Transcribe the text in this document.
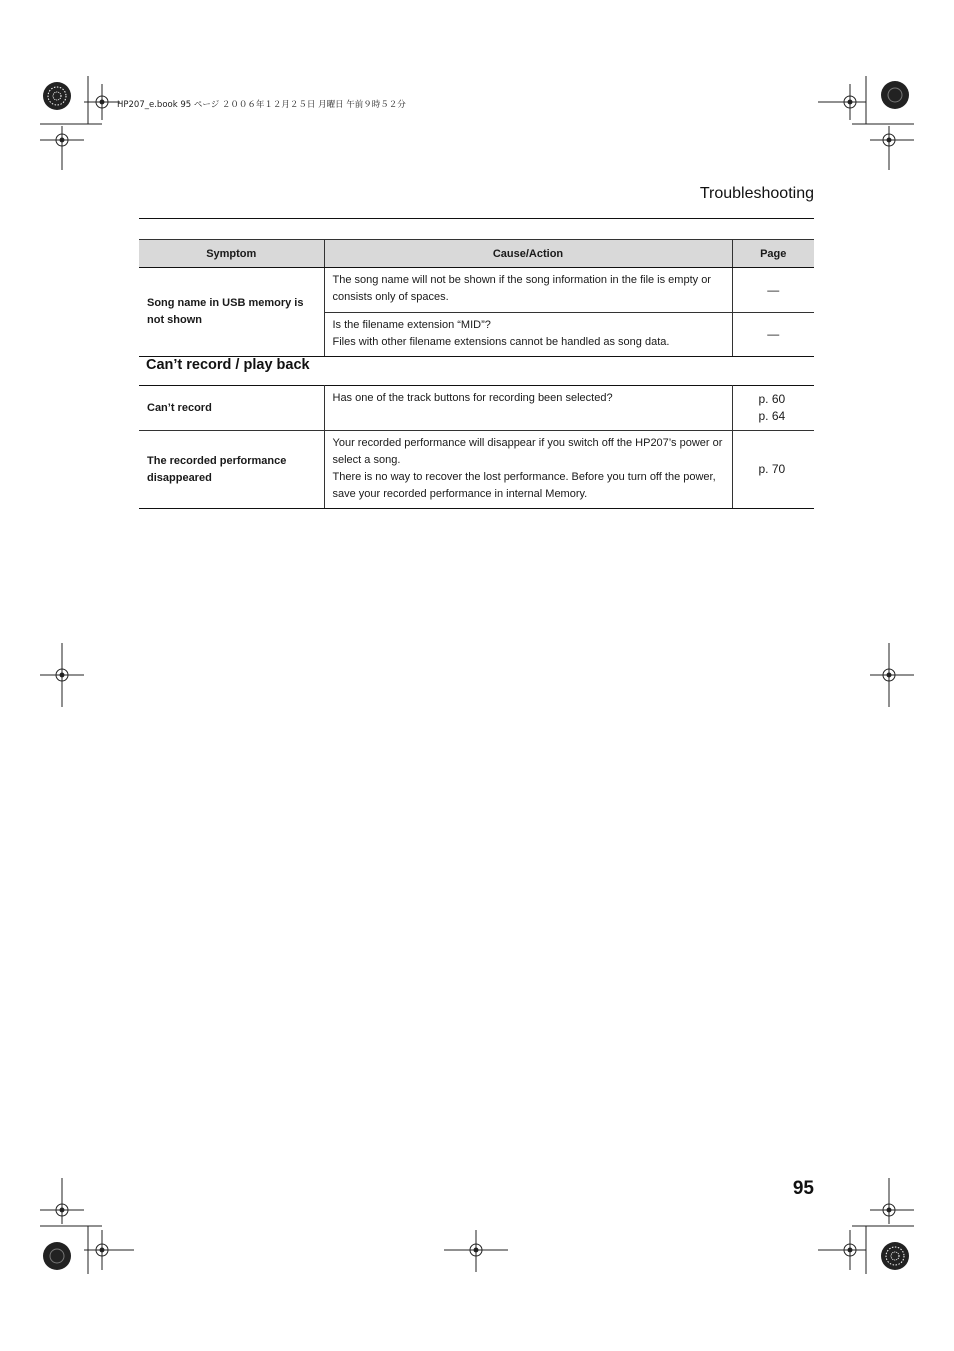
HP207_e.book 95 ページ ２００６年１２月２５日 月曜日 午前９時５２分
Troubleshooting
Symptom	Cause/Action	Page
Song name in USB memory is not shown	The song name will not be shown if the song information in the file is empty or consists only of spaces.	—

	Is the filename extension “MID”?
Files with other filename extensions cannot be handled as song data.	—
Can’t record / play back
Can’t record	Has one of the track buttons for recording been selected?	p. 60
p. 64

The recorded performance disappeared	Your recorded performance will disappear if you switch off the HP207’s power or select a song.
There is no way to recover the lost performance. Before you turn off the power, save your recorded performance in internal Memory.	p. 70
95
